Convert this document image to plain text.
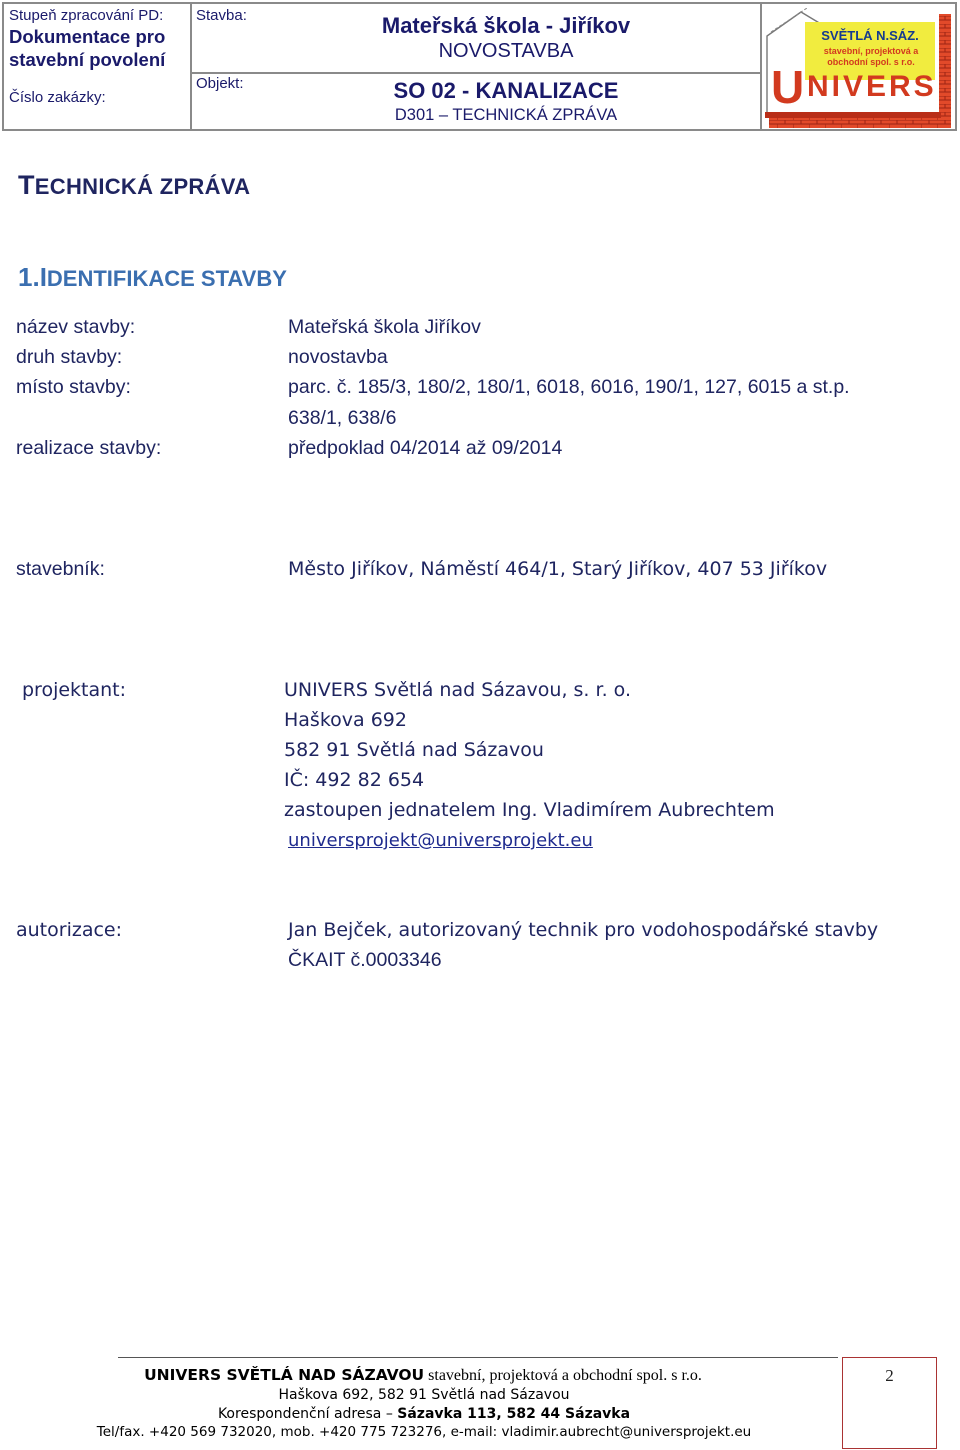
Stupeň zpracování PD:
Dokumentace pro
stavební povolení
Číslo zakázky:
Stavba:	Mateřská škola - Jiříkov
NOVOSTAVBA
Objekt:	SO 02 - KANALIZACE
D301 – TECHNICKÁ ZPRÁVA
SVĚTLÁ N.SÁZ.
stavební, projektová a
obchodní spol. s r.o.
U NIVERS
TECHNICKÁ ZPRÁVA
1.IDENTIFIKACE STAVBY
název stavby:	Mateřská škola Jiříkov
druh stavby:	novostavba
místo stavby:	parc. č. 185/3, 180/2, 180/1, 6018, 6016, 190/1, 127, 6015 a st.p.
638/1, 638/6
realizace stavby:	předpoklad 04/2014 až 09/2014
stavebník:	Město Jiříkov, Náměstí 464/1, Starý Jiříkov, 407 53 Jiříkov
projektant:	UNIVERS Světlá nad Sázavou, s. r. o.
Haškova 692
582 91 Světlá nad Sázavou
IČ: 492 82 654
zastoupen jednatelem Ing. Vladimírem Aubrechtem
universprojekt@universprojekt.eu
autorizace:	Jan Bejček, autorizovaný technik pro vodohospodářské stavby
ČKAIT č.0003346
UNIVERS SVĚTLÁ NAD SÁZAVOU stavební, projektová a obchodní spol. s r.o.
Haškova 692, 582 91 Světlá nad Sázavou
Korespondenční adresa – Sázavka 113, 582 44 Sázavka
Tel/fax. +420 569 732020, mob. +420 775 723276, e-mail: vladimir.aubrecht@universprojekt.eu
2
